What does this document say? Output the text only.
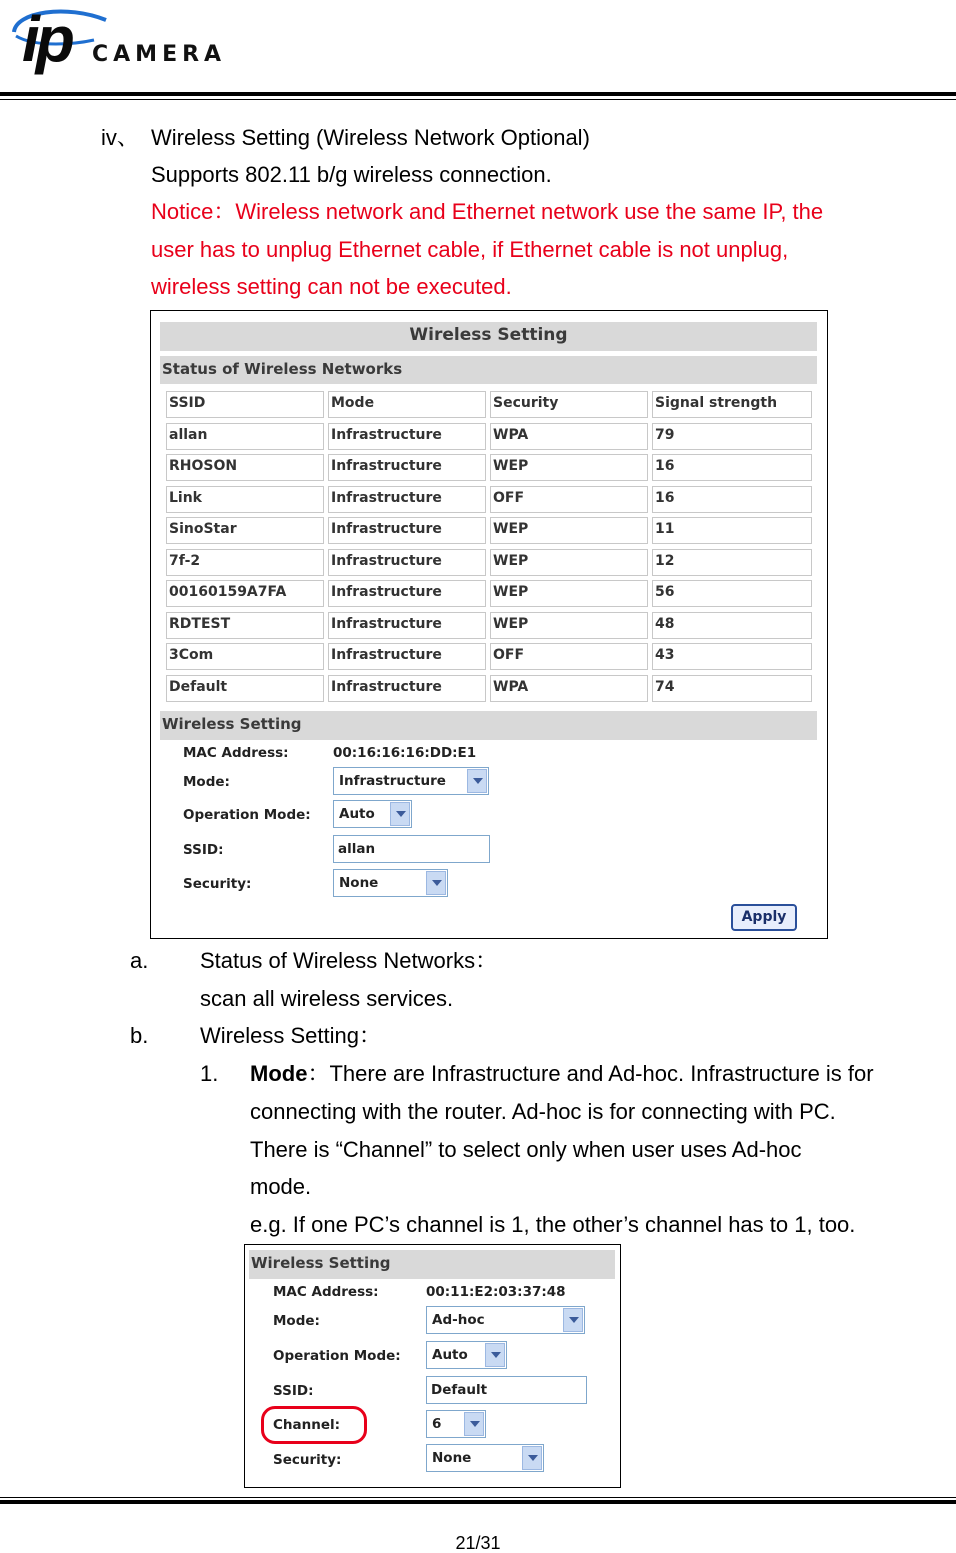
ip CAMERA
iv、 Wireless Setting (Wireless Network Optional)
Supports 802.11 b/g wireless connection.
Notice：Wireless network and Ethernet network use the same IP, the
user has to unplug Ethernet cable, if Ethernet cable is not unplug,
wireless setting can not be executed.
Wireless Setting
Status of Wireless Networks
SSID	Mode	Security	Signal strength
allan	Infrastructure	WPA	79
RHOSON	Infrastructure	WEP	16
Link	Infrastructure	OFF	16
SinoStar	Infrastructure	WEP	11
7f-2	Infrastructure	WEP	12
00160159A7FA	Infrastructure	WEP	56
RDTEST	Infrastructure	WEP	48
3Com	Infrastructure	OFF	43
Default	Infrastructure	WPA	74
Wireless Setting
MAC Address:	00:16:16:16:DD:E1
Mode:	Infrastructure
Operation Mode:	Auto
SSID:	allan
Security:	None
Apply
a. Status of Wireless Networks：
scan all wireless services.
b. Wireless Setting：
1. Mode：There are Infrastructure and Ad-hoc. Infrastructure is for
connecting with the router. Ad-hoc is for connecting with PC.
There is “Channel” to select only when user uses Ad-hoc
mode.
e.g. If one PC’s channel is 1, the other’s channel has to 1, too.
Wireless Setting
MAC Address:	00:11:E2:03:37:48
Mode:	Ad-hoc
Operation Mode:	Auto
SSID:	Default
Channel:	6
Security:	None
21/31
